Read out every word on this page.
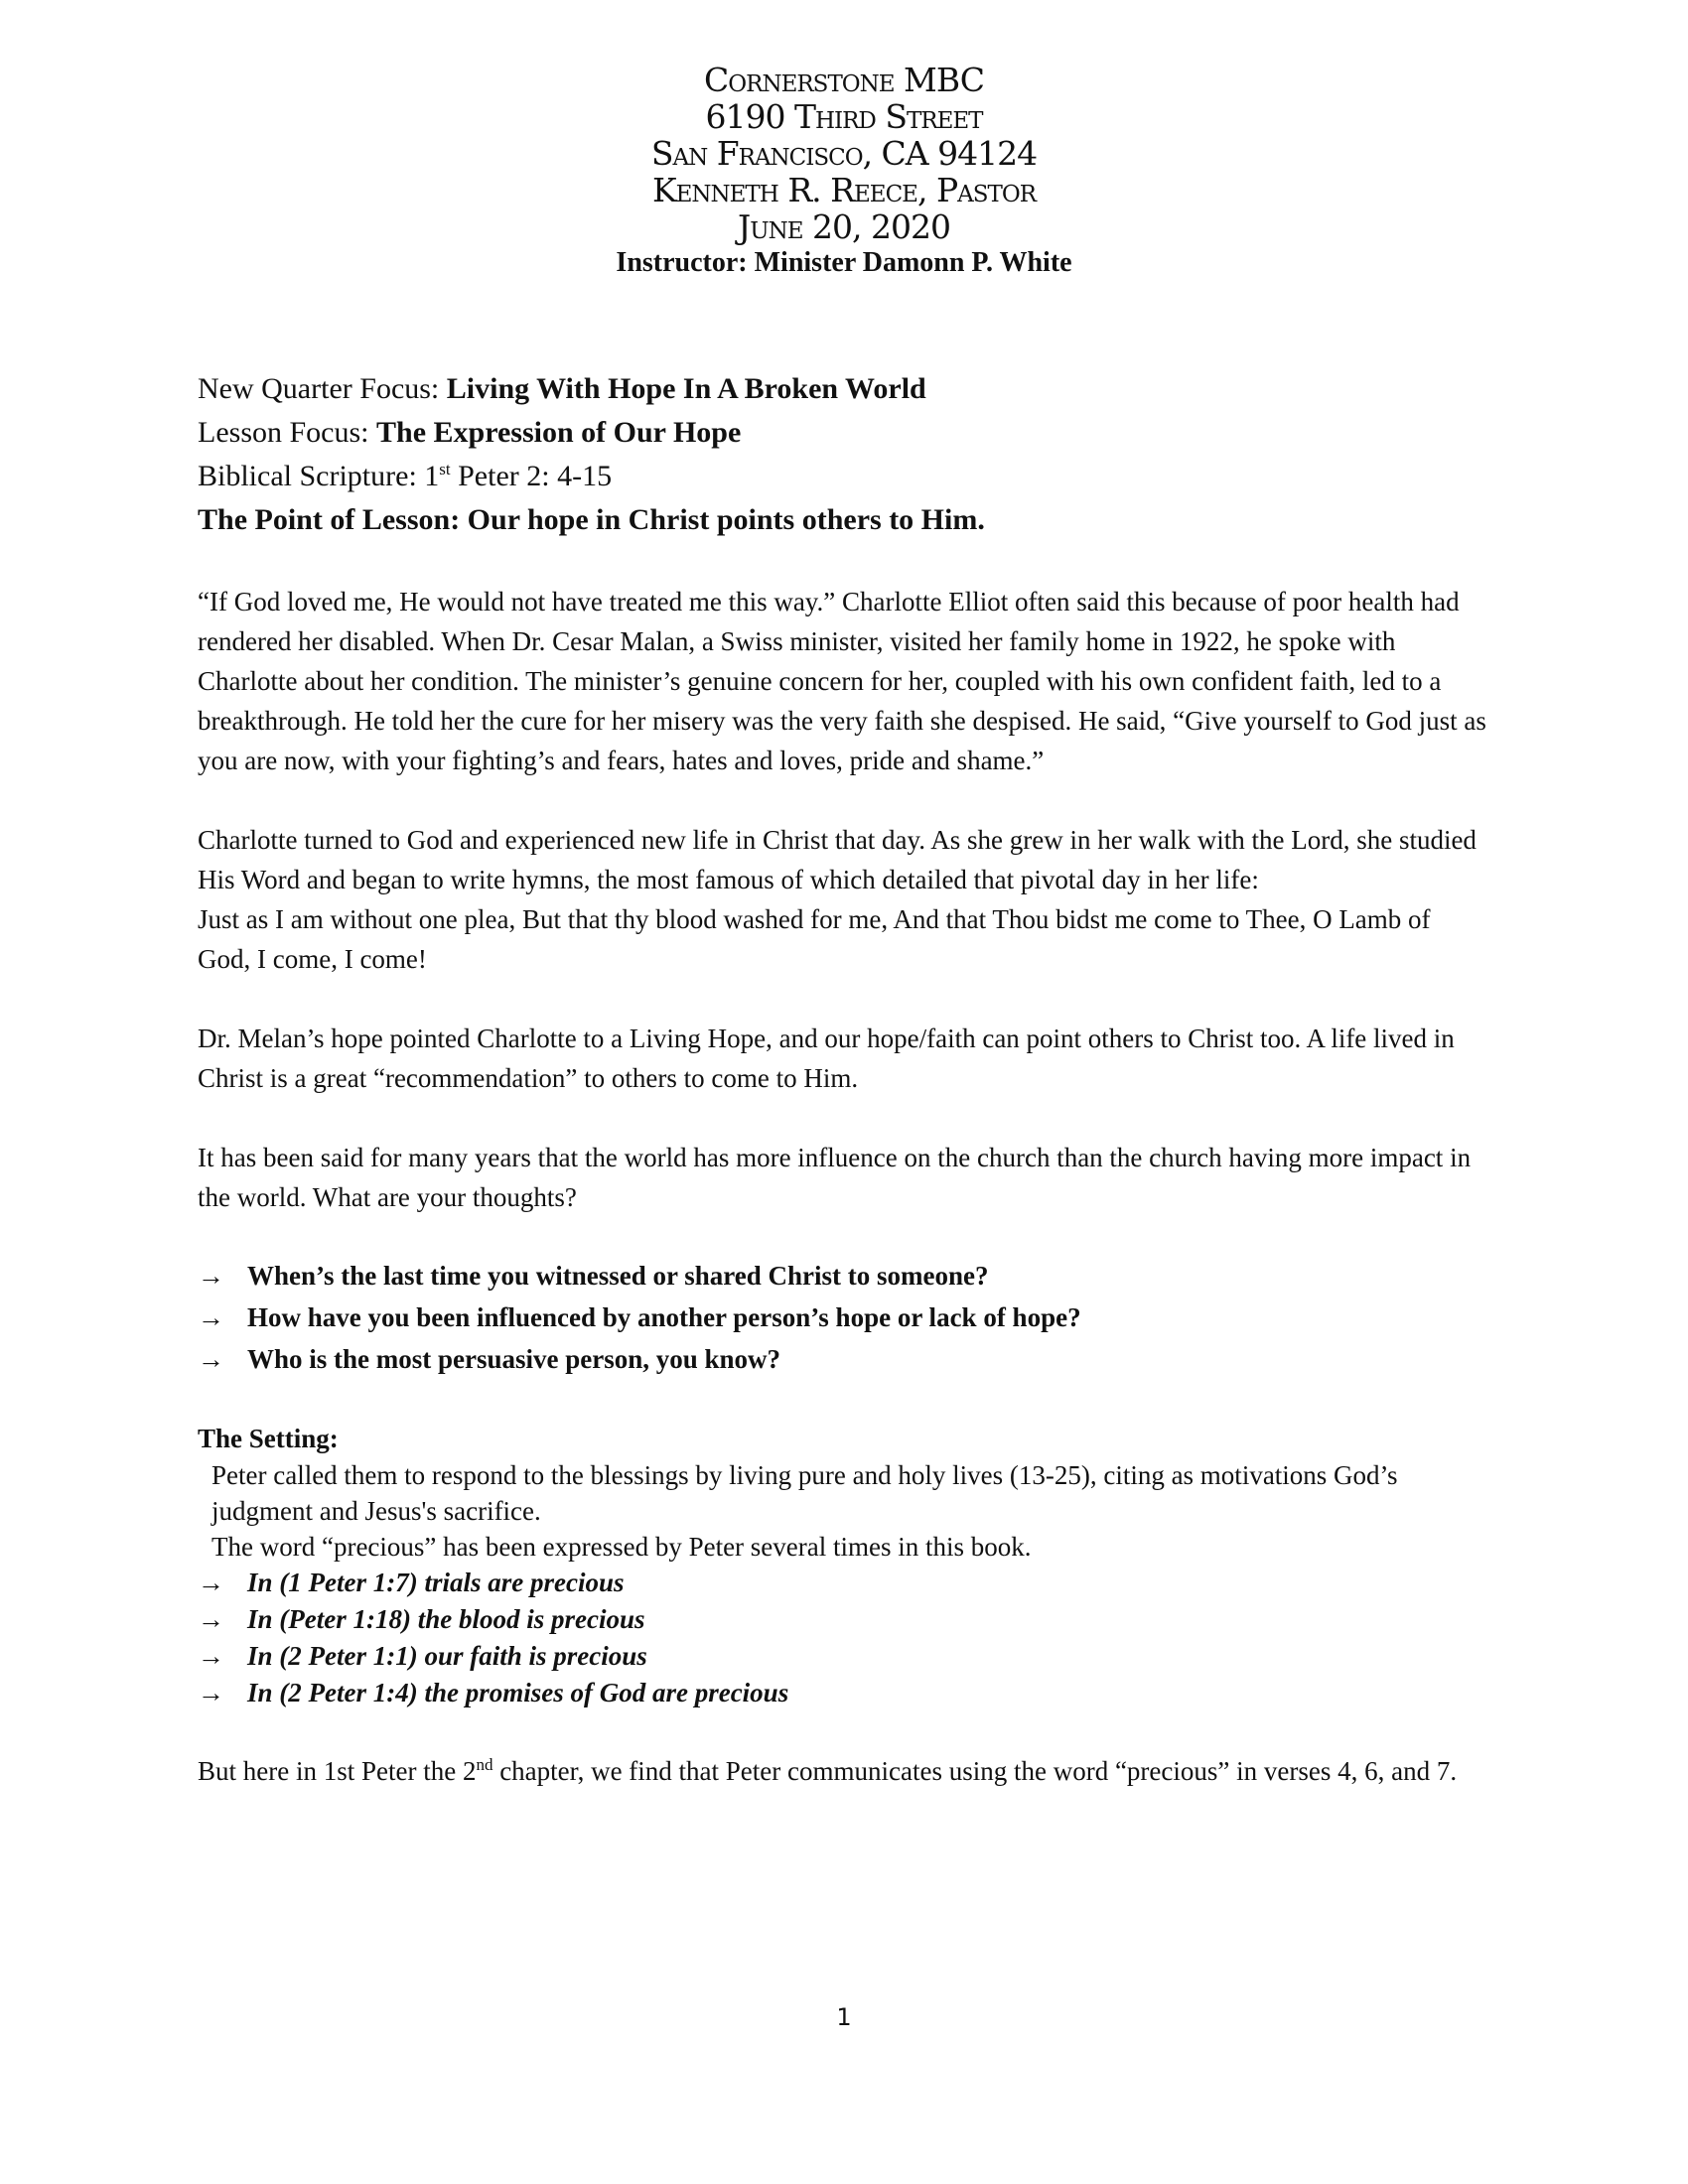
Cornerstone MBC
6190 Third Street
San Francisco, CA 94124
Kenneth R. Reece, Pastor
June 20, 2020
Instructor: Minister Damonn P. White

New Quarter Focus: Living With Hope In A Broken World

Lesson Focus: The Expression of Our Hope

Biblical Scripture: 1st Peter 2: 4-15

The Point of Lesson: Our hope in Christ points others to Him.

“If God loved me, He would not have treated me this way.” Charlotte Elliot often said this because of poor health had rendered her disabled. When Dr. Cesar Malan, a Swiss minister, visited her family home in 1922, he spoke with Charlotte about her condition. The minister’s genuine concern for her, coupled with his own confident faith, led to a breakthrough. He told her the cure for her misery was the very faith she despised. He said, “Give yourself to God just as you are now, with your fighting’s and fears, hates and loves, pride and shame.”

Charlotte turned to God and experienced new life in Christ that day. As she grew in her walk with the Lord, she studied His Word and began to write hymns, the most famous of which detailed that pivotal day in her life:

Just as I am without one plea, But that thy blood washed for me, And that Thou bidst me come to Thee, O Lamb of God, I come, I come!

Dr. Melan’s hope pointed Charlotte to a Living Hope, and our hope/faith can point others to Christ too. A life lived in Christ is a great “recommendation” to others to come to Him.

It has been said for many years that the world has more influence on the church than the church having more impact in the world. What are your thoughts?

→ When’s the last time you witnessed or shared Christ to someone?
→ How have you been influenced by another person’s hope or lack of hope?
→ Who is the most persuasive person, you know?

The Setting:

Peter called them to respond to the blessings by living pure and holy lives (13-25), citing as motivations God’s judgment and Jesus's sacrifice.

The word “precious” has been expressed by Peter several times in this book.

→ In (1 Peter 1:7) trials are precious
→ In (Peter 1:18) the blood is precious
→ In (2 Peter 1:1) our faith is precious
→ In (2 Peter 1:4) the promises of God are precious

But here in 1st Peter the 2nd chapter, we find that Peter communicates using the word “precious” in verses 4, 6, and 7.

1
